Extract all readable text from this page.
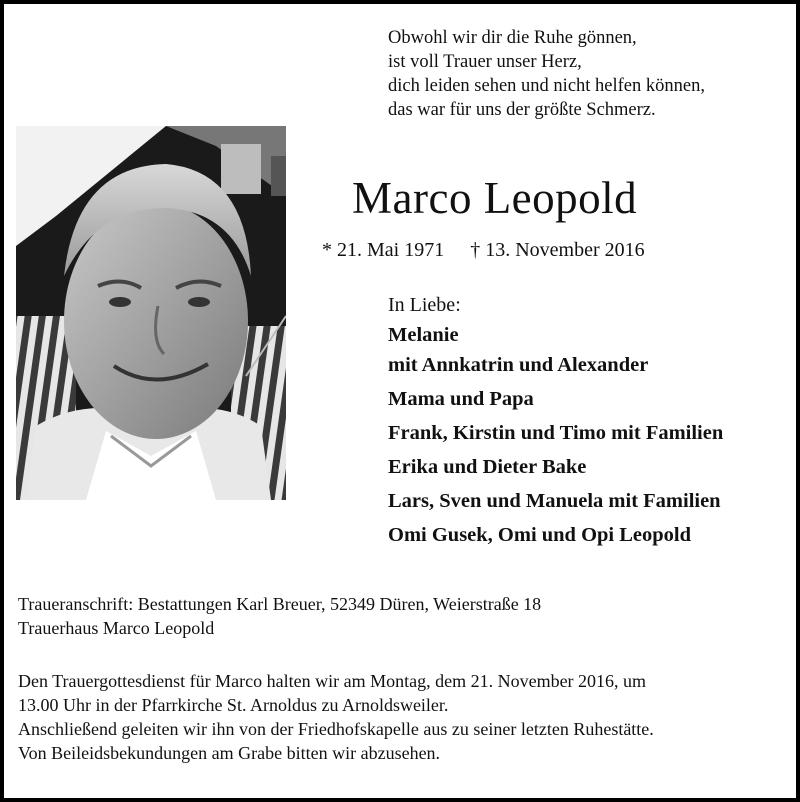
Obwohl wir dir die Ruhe gönnen,
ist voll Trauer unser Herz,
dich leiden sehen und nicht helfen können,
das war für uns der größte Schmerz.
Marco Leopold
* 21. Mai 1971 † 13. November 2016
In Liebe:
Melanie
mit Annkatrin und Alexander
Mama und Papa
Frank, Kirstin und Timo mit Familien
Erika und Dieter Bake
Lars, Sven und Manuela mit Familien
Omi Gusek, Omi und Opi Leopold
Traueranschrift: Bestattungen Karl Breuer, 52349 Düren, Weierstraße 18
Trauerhaus Marco Leopold
Den Trauergottesdienst für Marco halten wir am Montag, dem 21. November 2016, um
13.00 Uhr in der Pfarrkirche St. Arnoldus zu Arnoldsweiler.
Anschließend geleiten wir ihn von der Friedhofskapelle aus zu seiner letzten Ruhestätte.
Von Beileidsbekundungen am Grabe bitten wir abzusehen.
